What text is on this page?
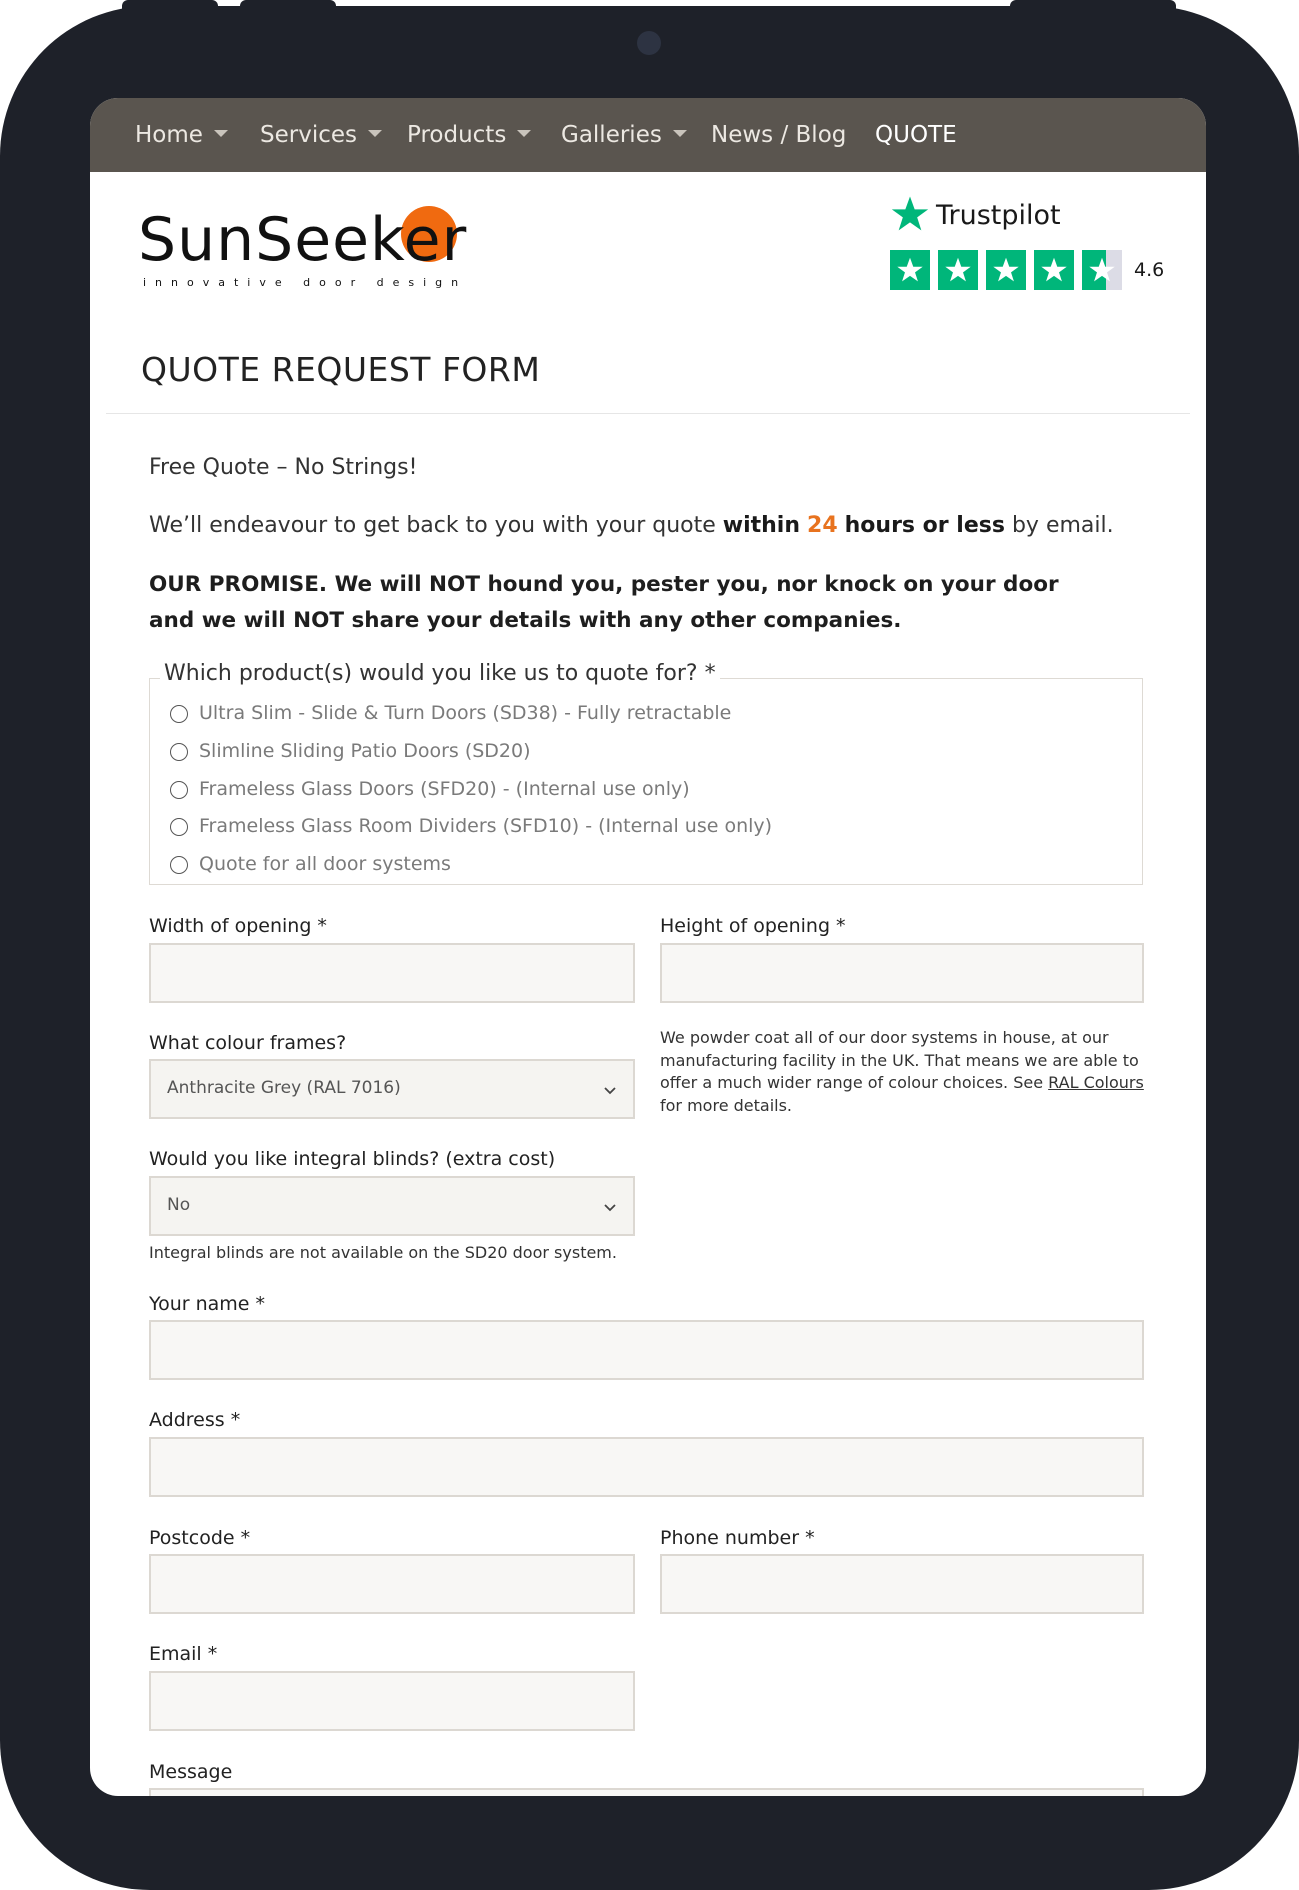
Home	Services	Products	Galleries	News / Blog QUOTE
SunSeeker
innovative door design
Trustpilot
4.6
QUOTE REQUEST FORM
Free Quote – No Strings!
We’ll endeavour to get back to you with your quote within 24 hours or less by email.
OUR PROMISE. We will NOT hound you, pester you, nor knock on your door and we will NOT share your details with any other companies.
Which product(s) would you like us to quote for? *
Ultra Slim - Slide & Turn Doors (SD38) - Fully retractable
Slimline Sliding Patio Doors (SD20)
Frameless Glass Doors (SFD20) - (Internal use only)
Frameless Glass Room Dividers (SFD10) - (Internal use only)
Quote for all door systems
Width of opening *	Height of opening *
What colour frames?
Anthracite Grey (RAL 7016)
We powder coat all of our door systems in house, at our manufacturing facility in the UK. That means we are able to offer a much wider range of colour choices. See RAL Colours for more details.
Would you like integral blinds? (extra cost)
No
Integral blinds are not available on the SD20 door system.
Your name *
Address *
Postcode *	Phone number *
Email *
Message
